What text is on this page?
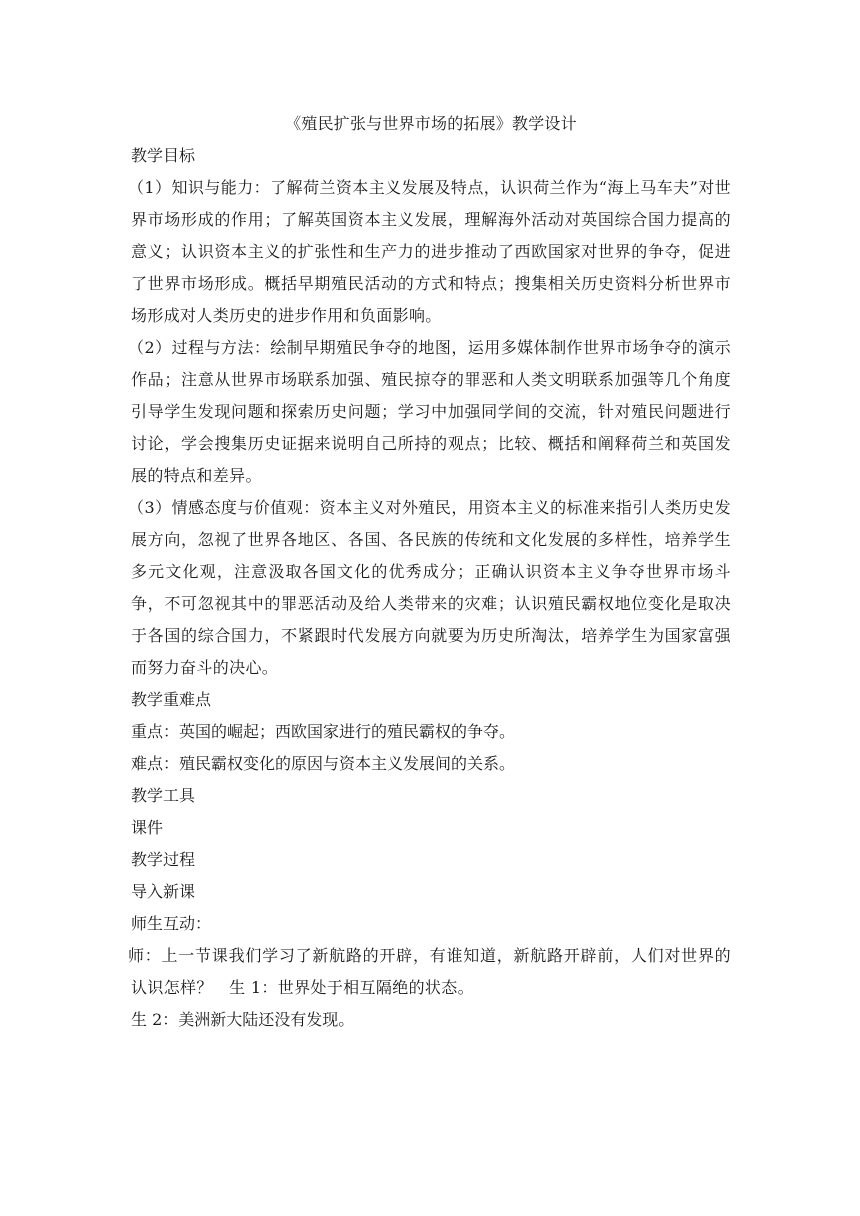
《殖民扩张与世界市场的拓展》教学设计

教学目标

（1）知识与能力：了解荷兰资本主义发展及特点，认识荷兰作为“海上马车夫”对世界市场形成的作用；了解英国资本主义发展，理解海外活动对英国综合国力提高的意义；认识资本主义的扩张性和生产力的进步推动了西欧国家对世界的争夺，促进了世界市场形成。概括早期殖民活动的方式和特点；搜集相关历史资料分析世界市场形成对人类历史的进步作用和负面影响。

（2）过程与方法：绘制早期殖民争夺的地图，运用多媒体制作世界市场争夺的演示作品；注意从世界市场联系加强、殖民掠夺的罪恶和人类文明联系加强等几个角度引导学生发现问题和探索历史问题；学习中加强同学间的交流，针对殖民问题进行讨论，学会搜集历史证据来说明自己所持的观点；比较、概括和阐释荷兰和英国发展的特点和差异。

（3）情感态度与价值观：资本主义对外殖民，用资本主义的标准来指引人类历史发展方向，忽视了世界各地区、各国、各民族的传统和文化发展的多样性，培养学生多元文化观，注意汲取各国文化的优秀成分；正确认识资本主义争夺世界市场斗争，不可忽视其中的罪恶活动及给人类带来的灾难；认识殖民霸权地位变化是取决于各国的综合国力，不紧跟时代发展方向就要为历史所淘汰，培养学生为国家富强而努力奋斗的决心。

教学重难点

重点：英国的崛起；西欧国家进行的殖民霸权的争夺。

难点：殖民霸权变化的原因与资本主义发展间的关系。

教学工具

课件

教学过程

导入新课

师生互动：

师：上一节课我们学习了新航路的开辟，有谁知道，新航路开辟前，人们对世界的认识怎样？　生 1：世界处于相互隔绝的状态。

生 2：美洲新大陆还没有发现。
